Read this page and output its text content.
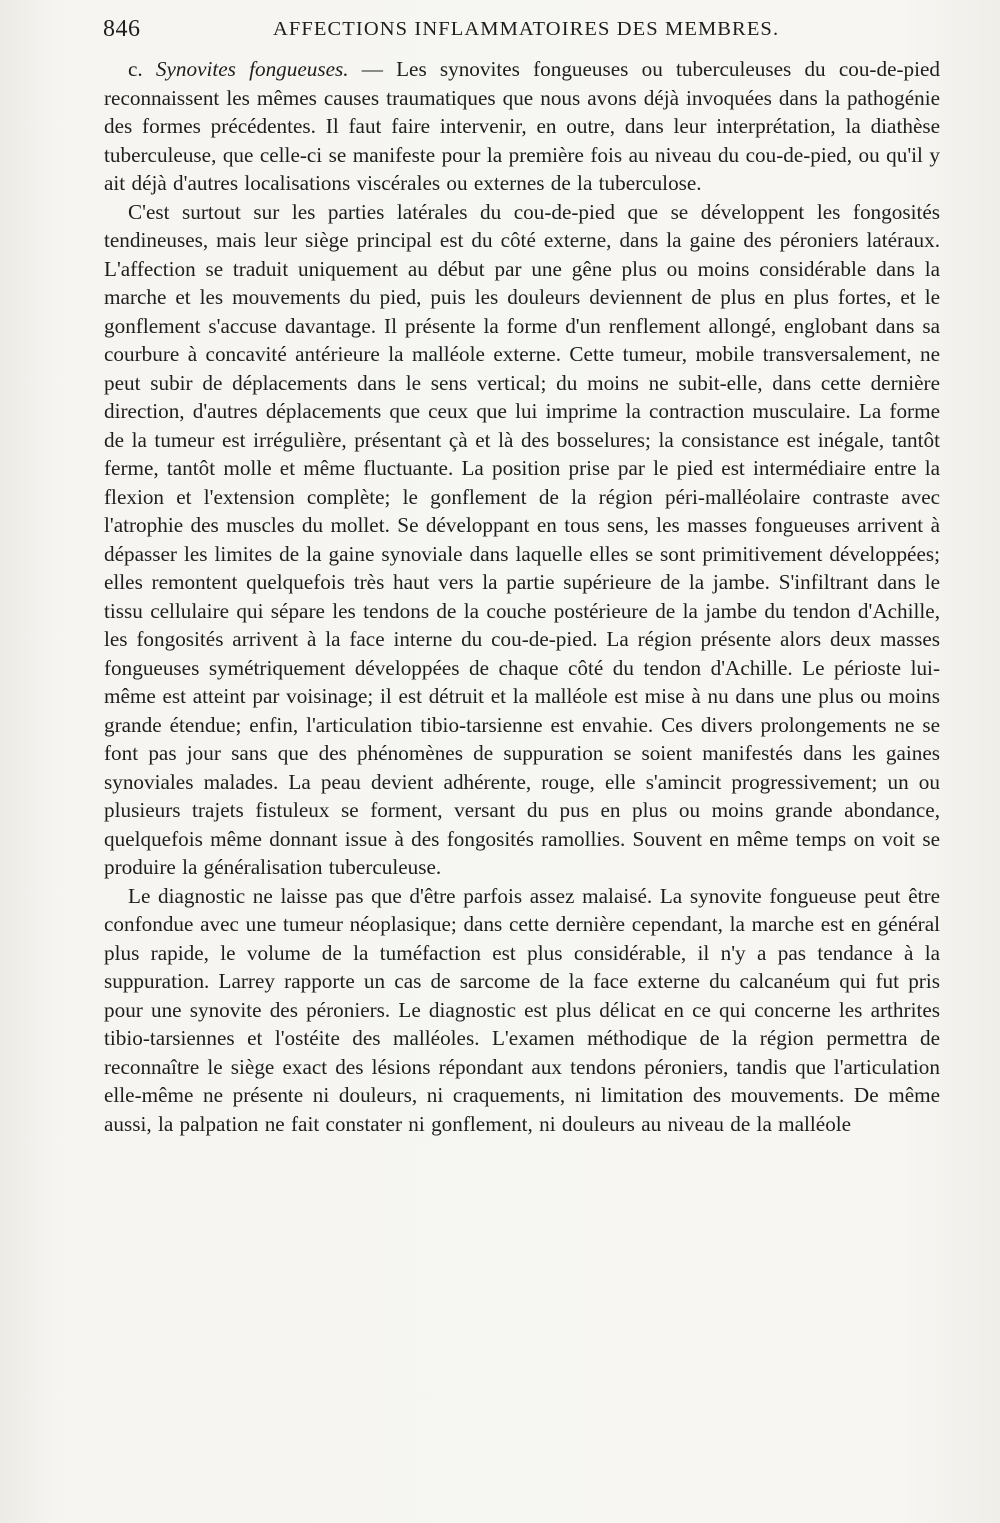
846	AFFECTIONS INFLAMMATOIRES DES MEMBRES.

c. Synovites fongueuses. — Les synovites fongueuses ou tuberculeuses du cou-de-pied reconnaissent les mêmes causes traumatiques que nous avons déjà invoquées dans la pathogénie des formes précédentes. Il faut faire intervenir, en outre, dans leur interprétation, la diathèse tuberculeuse, que celle-ci se manifeste pour la première fois au niveau du cou-de-pied, ou qu'il y ait déjà d'autres localisations viscérales ou externes de la tuberculose.

C'est surtout sur les parties latérales du cou-de-pied que se développent les fongosités tendineuses, mais leur siège principal est du côté externe, dans la gaine des péroniers latéraux. L'affection se traduit uniquement au début par une gêne plus ou moins considérable dans la marche et les mouvements du pied, puis les douleurs deviennent de plus en plus fortes, et le gonflement s'accuse davantage. Il présente la forme d'un renflement allongé, englobant dans sa courbure à concavité antérieure la malléole externe. Cette tumeur, mobile transversalement, ne peut subir de déplacements dans le sens vertical; du moins ne subit-elle, dans cette dernière direction, d'autres déplacements que ceux que lui imprime la contraction musculaire. La forme de la tumeur est irrégulière, présentant çà et là des bosselures; la consistance est inégale, tantôt ferme, tantôt molle et même fluctuante. La position prise par le pied est intermédiaire entre la flexion et l'extension complète; le gonflement de la région péri-malléolaire contraste avec l'atrophie des muscles du mollet. Se développant en tous sens, les masses fongueuses arrivent à dépasser les limites de la gaine synoviale dans laquelle elles se sont primitivement développées; elles remontent quelquefois très haut vers la partie supérieure de la jambe. S'infiltrant dans le tissu cellulaire qui sépare les tendons de la couche postérieure de la jambe du tendon d'Achille, les fongosités arrivent à la face interne du cou-de-pied. La région présente alors deux masses fongueuses symétriquement développées de chaque côté du tendon d'Achille. Le périoste lui-même est atteint par voisinage; il est détruit et la malléole est mise à nu dans une plus ou moins grande étendue; enfin, l'articulation tibio-tarsienne est envahie. Ces divers prolongements ne se font pas jour sans que des phénomènes de suppuration se soient manifestés dans les gaines synoviales malades. La peau devient adhérente, rouge, elle s'amincit progressivement; un ou plusieurs trajets fistuleux se forment, versant du pus en plus ou moins grande abondance, quelquefois même donnant issue à des fongosités ramollies. Souvent en même temps on voit se produire la généralisation tuberculeuse.

Le diagnostic ne laisse pas que d'être parfois assez malaisé. La synovite fongueuse peut être confondue avec une tumeur néoplasique; dans cette dernière cependant, la marche est en général plus rapide, le volume de la tuméfaction est plus considérable, il n'y a pas tendance à la suppuration. Larrey rapporte un cas de sarcome de la face externe du calcanéum qui fut pris pour une synovite des péroniers. Le diagnostic est plus délicat en ce qui concerne les arthrites tibio-tarsiennes et l'ostéite des malléoles. L'examen méthodique de la région permettra de reconnaître le siège exact des lésions répondant aux tendons péroniers, tandis que l'articulation elle-même ne présente ni douleurs, ni craquements, ni limitation des mouvements. De même aussi, la palpation ne fait constater ni gonflement, ni douleurs au niveau de la malléole
